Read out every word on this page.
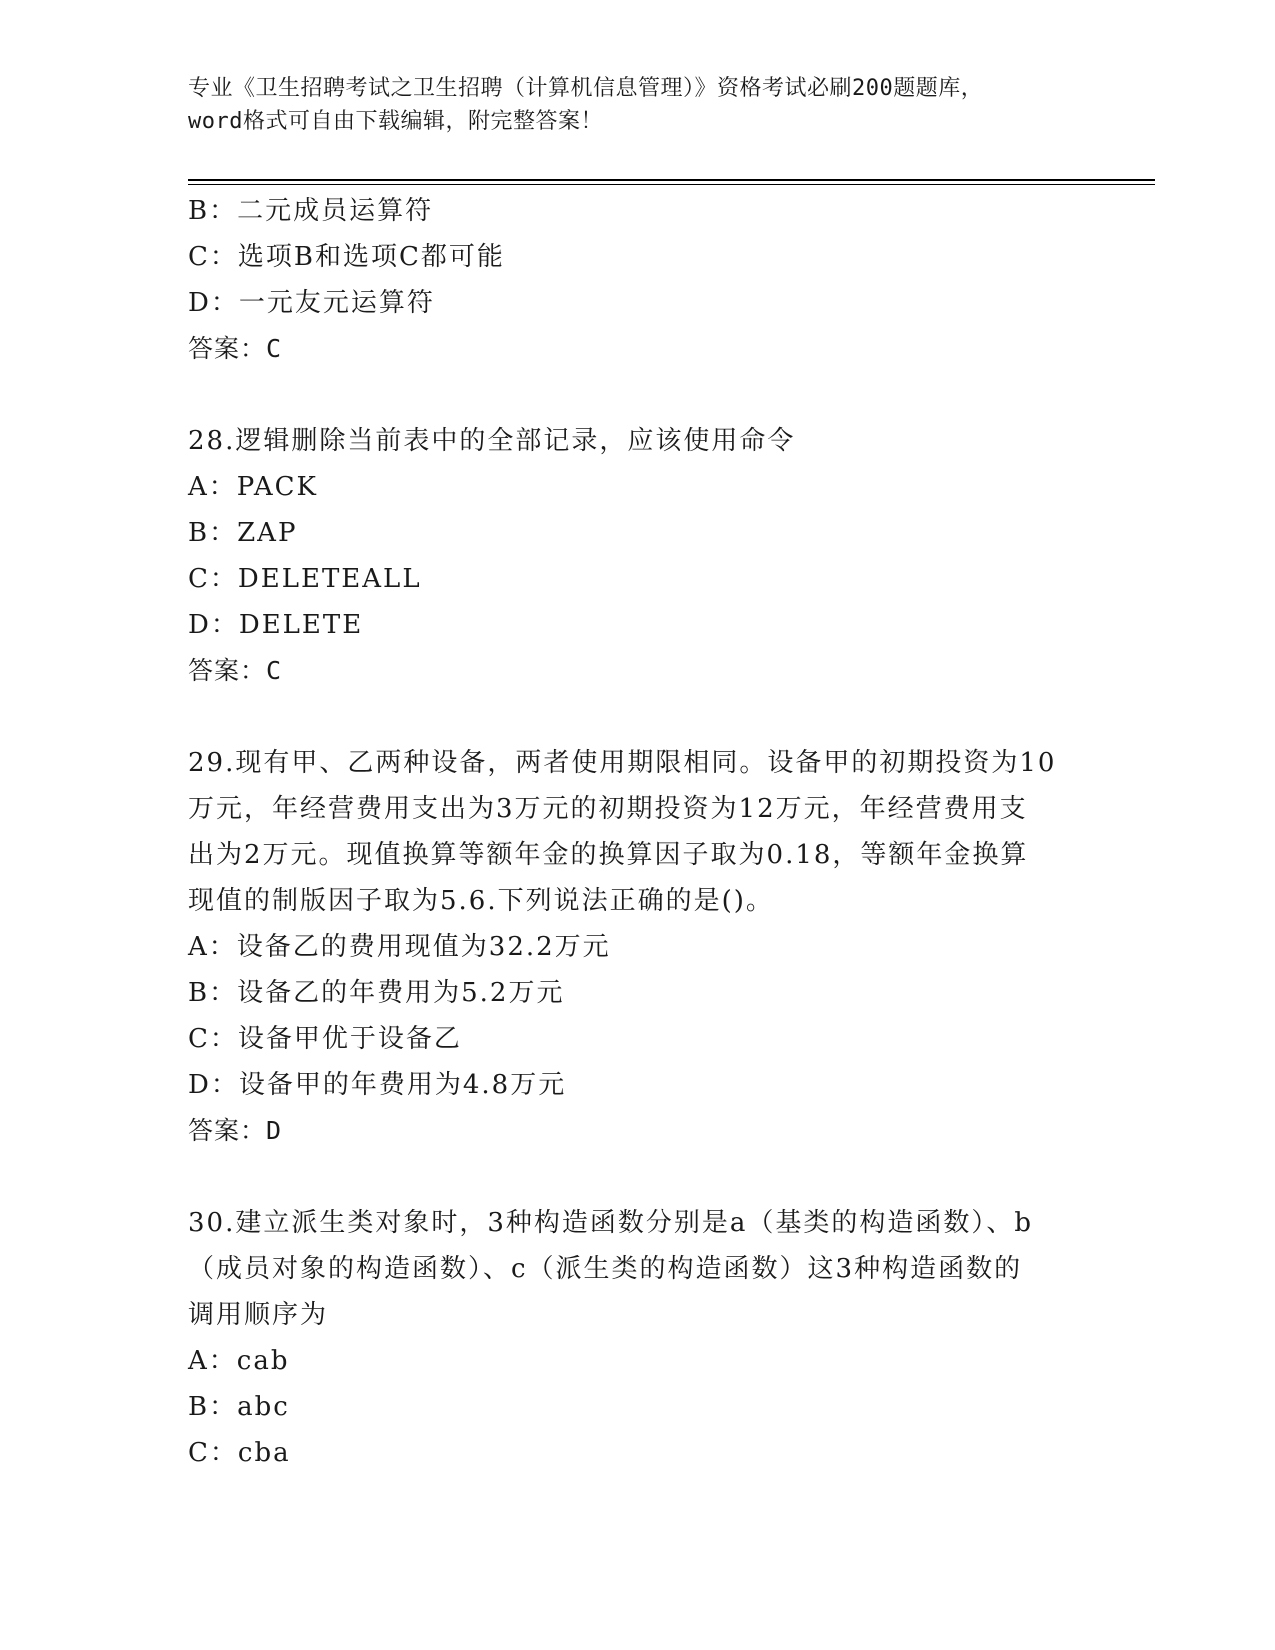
专业《卫生招聘考试之卫生招聘（计算机信息管理）》资格考试必刷200题题库，
word格式可自由下载编辑，附完整答案！
B：二元成员运算符
C：选项B和选项C都可能
D：一元友元运算符
答案：C
28.逻辑删除当前表中的全部记录，应该使用命令
A：PACK
B：ZAP
C：DELETEALL
D：DELETE
答案：C
29.现有甲、乙两种设备，两者使用期限相同。设备甲的初期投资为10
万元，年经营费用支出为3万元的初期投资为12万元，年经营费用支
出为2万元。现值换算等额年金的换算因子取为0.18，等额年金换算
现值的制版因子取为5.6.下列说法正确的是()。
A：设备乙的费用现值为32.2万元
B：设备乙的年费用为5.2万元
C：设备甲优于设备乙
D：设备甲的年费用为4.8万元
答案：D
30.建立派生类对象时，3种构造函数分别是a（基类的构造函数）、b
（成员对象的构造函数）、c（派生类的构造函数）这3种构造函数的
调用顺序为
A：cab
B：abc
C：cba
